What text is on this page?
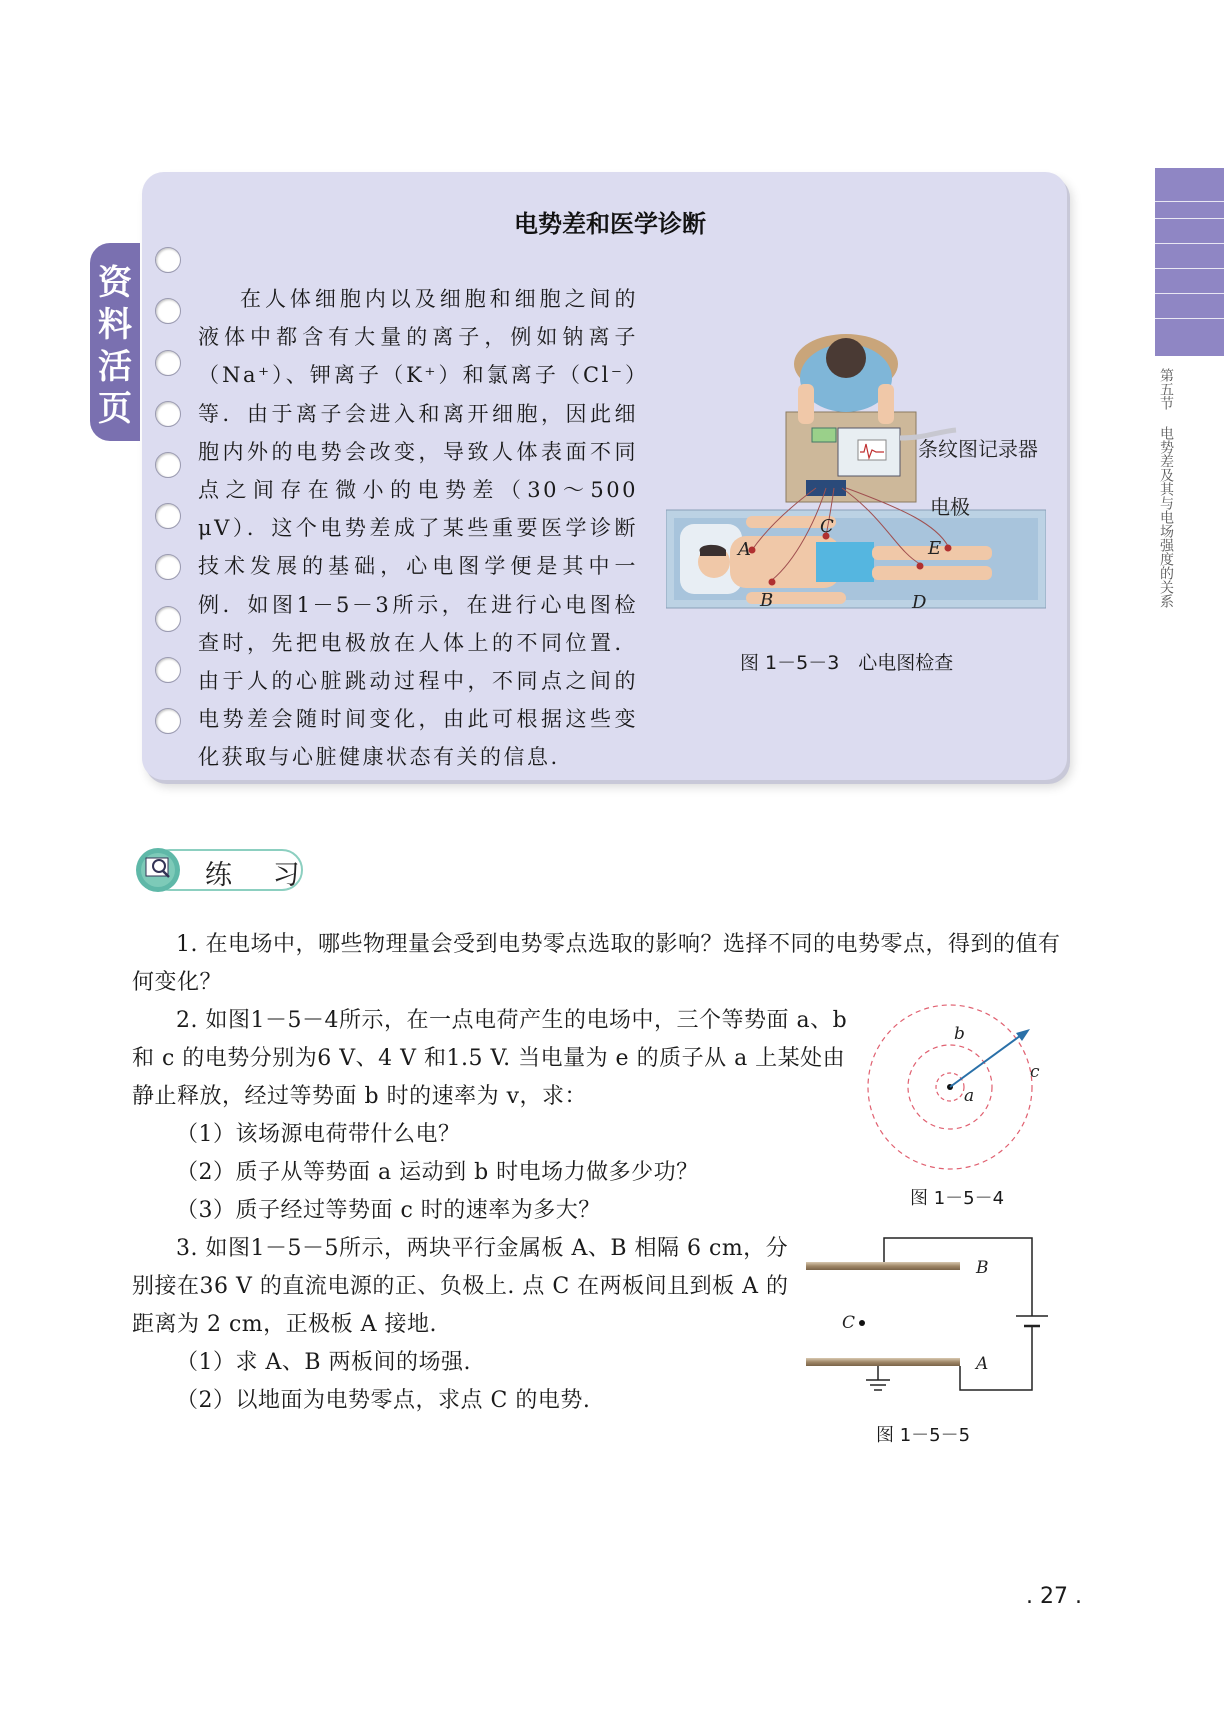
第五节
电势差及其与电场强度的关系
资料活页
电势差和医学诊断
在人体细胞内以及细胞和细胞之间的液体中都含有大量的离子，例如钠离子（Na⁺）、钾离子（K⁺）和氯离子（Cl⁻）等．由于离子会进入和离开细胞，因此细胞内外的电势会改变，导致人体表面不同点之间存在微小的电势差（30～500 μV）．这个电势差成了某些重要医学诊断技术发展的基础，心电图学便是其中一例．如图1－5－3所示，在进行心电图检查时，先把电极放在人体上的不同位置．由于人的心脏跳动过程中，不同点之间的电势差会随时间变化，由此可根据这些变化获取与心脏健康状态有关的信息.
A
B
C
D
E
条纹图记录器
电极
图 1－5－3　心电图检查
练 习

1. 在电场中，哪些物理量会受到电势零点选取的影响？选择不同的电势零点，得到的值有何变化？

2. 如图1－5－4所示，在一点电荷产生的电场中，三个等势面 a、b 和 c 的电势分别为6 V、4 V 和1.5 V. 当电量为 e 的质子从 a 上某处由静止释放，经过等势面 b 时的速率为 v，求：

（1）该场源电荷带什么电？

（2）质子从等势面 a 运动到 b 时电场力做多少功？

（3）质子经过等势面 c 时的速率为多大？

3. 如图1－5－5所示，两块平行金属板 A、B 相隔 6 cm，分别接在36 V 的直流电源的正、负极上. 点 C 在两板间且到板 A 的距离为 2 cm，正极板 A 接地.

（1）求 A、B 两板间的场强.

（2）以地面为电势零点，求点 C 的电势.

a
b
c
图 1－5－4
B
A
C
图 1－5－5
. 27 .
